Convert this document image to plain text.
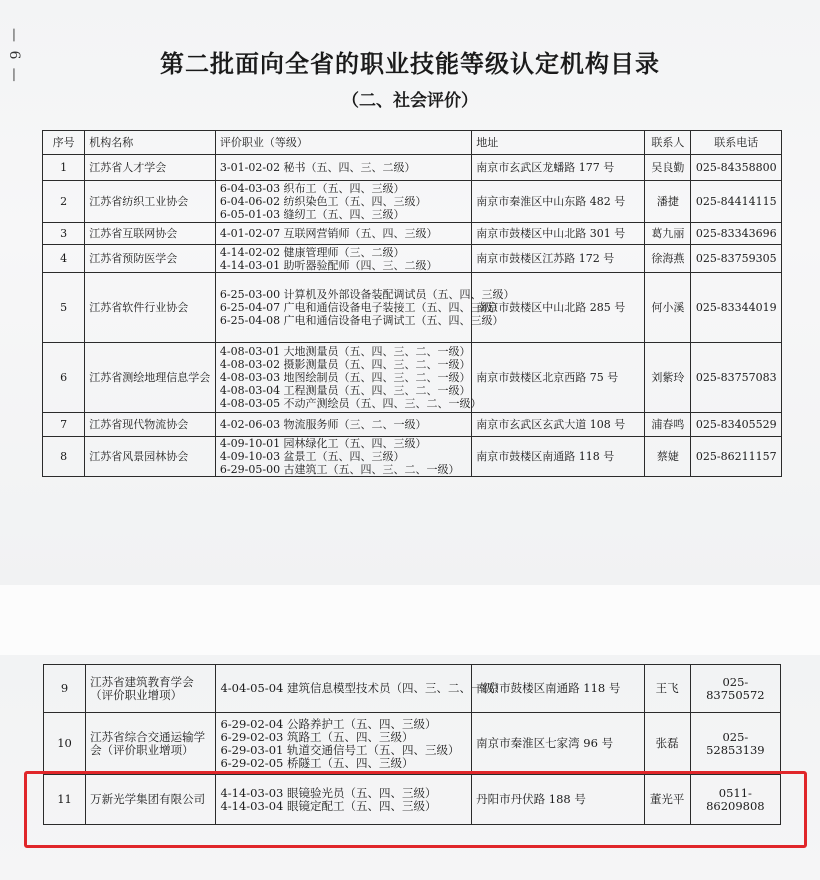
— 6 —	第二批面向全省的职业技能等级认定机构目录
（二、社会评价）
序号	机构名称	评价职业（等级）	地址	联系人	联系电话
1	江苏省人才学会	3-01-02-02 秘书（五、四、三、二级）	南京市玄武区龙蟠路 177 号	吴良勤	025-84358800
2	江苏省纺织工业协会	6-04-03-03 织布工（五、四、三级）
6-04-06-02 纺织染色工（五、四、三级）
6-05-01-03 缝纫工（五、四、三级）	南京市秦淮区中山东路 482 号	潘捷	025-84414115
3	江苏省互联网协会	4-01-02-07 互联网营销师（五、四、三级）	南京市鼓楼区中山北路 301 号	葛九丽	025-83343696
4	江苏省预防医学会	4-14-02-02 健康管理师（三、二级）
4-14-03-01 助听器验配师（四、三、二级）	南京市鼓楼区江苏路 172 号	徐海燕	025-83759305
5	江苏省软件行业协会	6-25-03-00 计算机及外部设备装配调试员（五、四、三级）
6-25-04-07 广电和通信设备电子装接工（五、四、三级）
6-25-04-08 广电和通信设备电子调试工（五、四、三级）	南京市鼓楼区中山北路 285 号	何小溪	025-83344019
6	江苏省测绘地理信息学会	4-08-03-01 大地测量员（五、四、三、二、一级）
4-08-03-02 摄影测量员（五、四、三、二、一级）
4-08-03-03 地图绘制员（五、四、三、二、一级）
4-08-03-04 工程测量员（五、四、三、二、一级）
4-08-03-05 不动产测绘员（五、四、三、二、一级）	南京市鼓楼区北京西路 75 号	刘紫玲	025-83757083
7	江苏省现代物流协会	4-02-06-03 物流服务师（三、二、一级）	南京市玄武区玄武大道 108 号	浦春鸣	025-83405529
8	江苏省风景园林协会	4-09-10-01 园林绿化工（五、四、三级）
4-09-10-03 盆景工（五、四、三级）
6-29-05-00 古建筑工（五、四、三、二、一级）	南京市鼓楼区南通路 118 号	蔡婕	025-86211157
9	江苏省建筑教育学会（评价职业增项）	4-04-05-04 建筑信息模型技术员（四、三、二、一级）	南京市鼓楼区南通路 118 号	王飞	025-83750572
10	江苏省综合交通运输学会（评价职业增项）	6-29-02-04 公路养护工（五、四、三级）
6-29-02-03 筑路工（五、四、三级）
6-29-03-01 轨道交通信号工（五、四、三级）
6-29-02-05 桥隧工（五、四、三级）	南京市秦淮区七家湾 96 号	张磊	025-52853139
11	万新光学集团有限公司	4-14-03-03 眼镜验光员（五、四、三级）
4-14-03-04 眼镜定配工（五、四、三级）	丹阳市丹伏路 188 号	董光平	0511-86209808
